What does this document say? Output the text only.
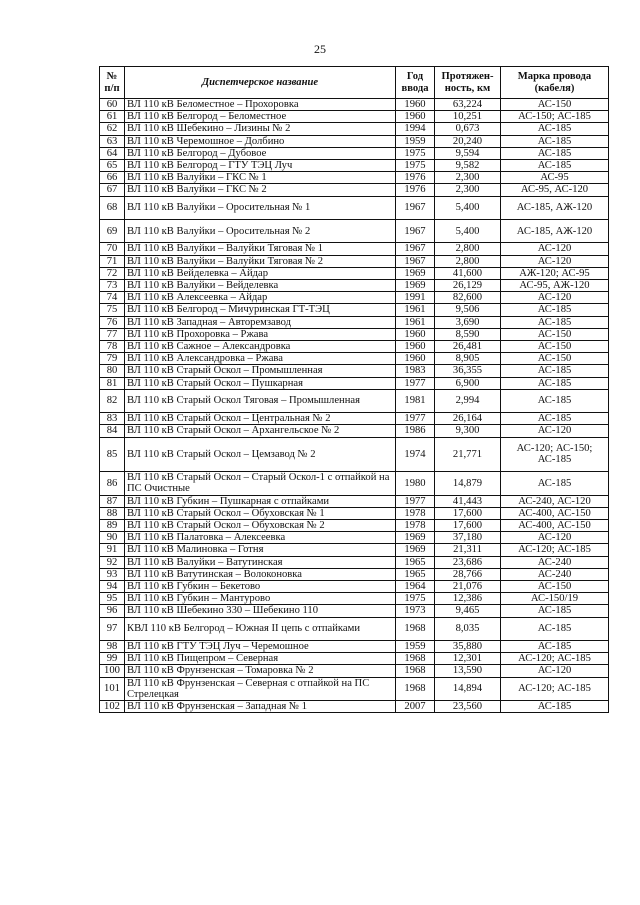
25
№ п/п	Диспетчерское название	Год ввода	Протяжен-ность, км	Марка провода (кабеля)
60	ВЛ 110 кВ Беломестное – Прохоровка	1960	63,224	АС-150
61	ВЛ 110 кВ Белгород – Беломестное	1960	10,251	АС-150; АС-185
62	ВЛ 110 кВ Шебекино – Лизины № 2	1994	0,673	АС-185
63	ВЛ 110 кВ Черемошное – Долбино	1959	20,240	АС-185
64	ВЛ 110 кВ Белгород – Дубовое	1975	9,594	АС-185
65	ВЛ 110 кВ Белгород – ГТУ ТЭЦ Луч	1975	9,582	АС-185
66	ВЛ 110 кВ Валуйки – ГКС № 1	1976	2,300	АС-95
67	ВЛ 110 кВ Валуйки – ГКС № 2	1976	2,300	АС-95, АС-120
68	ВЛ 110 кВ Валуйки – Оросительная № 1	1967	5,400	АС-185, АЖ-120
69	ВЛ 110 кВ Валуйки – Оросительная № 2	1967	5,400	АС-185, АЖ-120
70	ВЛ 110 кВ Валуйки – Валуйки Тяговая № 1	1967	2,800	АС-120
71	ВЛ 110 кВ Валуйки – Валуйки Тяговая № 2	1967	2,800	АС-120
72	ВЛ 110 кВ Вейделевка – Айдар	1969	41,600	АЖ-120; АС-95
73	ВЛ 110 кВ Валуйки – Вейделевка	1969	26,129	АС-95, АЖ-120
74	ВЛ 110 кВ Алексеевка – Айдар	1991	82,600	АС-120
75	ВЛ 110 кВ Белгород – Мичуринская ГТ-ТЭЦ	1961	9,506	АС-185
76	ВЛ 110 кВ Западная – Авторемзавод	1961	3,690	АС-185
77	ВЛ 110 кВ Прохоровка – Ржава	1960	8,590	АС-150
78	ВЛ 110 кВ Сажное – Александровка	1960	26,481	АС-150
79	ВЛ 110 кВ Александровка – Ржава	1960	8,905	АС-150
80	ВЛ 110 кВ Старый Оскол – Промышленная	1983	36,355	АС-185
81	ВЛ 110 кВ Старый Оскол – Пушкарная	1977	6,900	АС-185
82	ВЛ 110 кВ Старый Оскол Тяговая – Промышленная	1981	2,994	АС-185
83	ВЛ 110 кВ Старый Оскол – Центральная № 2	1977	26,164	АС-185
84	ВЛ 110 кВ Старый Оскол – Архангельское № 2	1986	9,300	АС-120
85	ВЛ 110 кВ Старый Оскол – Цемзавод № 2	1974	21,771	АС-120; АС-150; АС-185
86	ВЛ 110 кВ Старый Оскол – Старый Оскол-1 с отпайкой на ПС Очистные	1980	14,879	АС-185
87	ВЛ 110 кВ Губкин – Пушкарная с отпайками	1977	41,443	АС-240, АС-120
88	ВЛ 110 кВ Старый Оскол – Обуховская № 1	1978	17,600	АС-400, АС-150
89	ВЛ 110 кВ Старый Оскол – Обуховская № 2	1978	17,600	АС-400, АС-150
90	ВЛ 110 кВ Палатовка – Алексеевка	1969	37,180	АС-120
91	ВЛ 110 кВ Малиновка – Готня	1969	21,311	АС-120; АС-185
92	ВЛ 110 кВ Валуйки – Ватутинская	1965	23,686	АС-240
93	ВЛ 110 кВ Ватутинская – Волоконовка	1965	28,766	АС-240
94	ВЛ 110 кВ Губкин – Бекетово	1964	21,076	АС-150
95	ВЛ 110 кВ Губкин – Мантурово	1975	12,386	АС-150/19
96	ВЛ 110 кВ Шебекино 330 – Шебекино 110	1973	9,465	АС-185
97	КВЛ 110 кВ Белгород – Южная II цепь с отпайками	1968	8,035	АС-185
98	ВЛ 110 кВ ГТУ ТЭЦ Луч – Черемошное	1959	35,880	АС-185
99	ВЛ 110 кВ Пищепром – Северная	1968	12,301	АС-120; АС-185
100	ВЛ 110 кВ Фрунзенская – Томаровка № 2	1968	13,590	АС-120
101	ВЛ 110 кВ Фрунзенская – Северная с отпайкой на ПС Стрелецкая	1968	14,894	АС-120; АС-185
102	ВЛ 110 кВ Фрунзенская – Западная № 1	2007	23,560	АС-185
